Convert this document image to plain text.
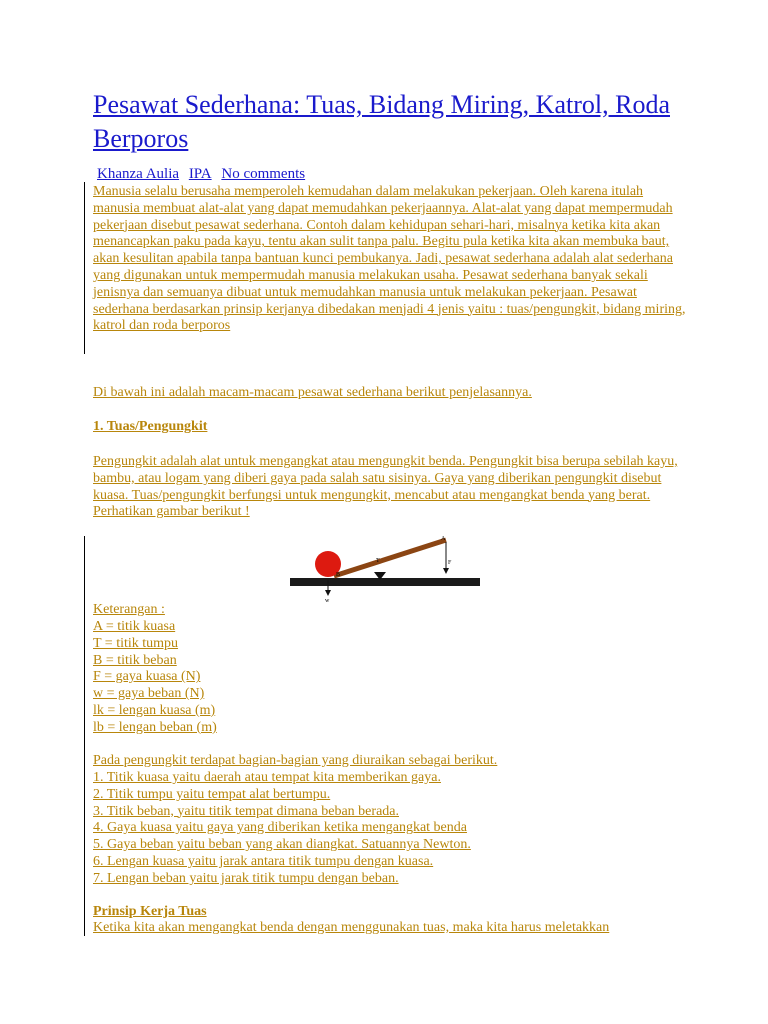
Pesawat Sederhana: Tuas, Bidang Miring, Katrol, Roda Berporos
Khanza Aulia IPA No comments

Manusia selalu berusaha memperoleh kemudahan dalam melakukan pekerjaan. Oleh karena itulah manusia membuat alat-alat yang dapat memudahkan pekerjaannya. Alat-alat yang dapat mempermudah pekerjaan disebut pesawat sederhana. Contoh dalam kehidupan sehari-hari, misalnya ketika kita akan menancapkan paku pada kayu, tentu akan sulit tanpa palu. Begitu pula ketika kita akan membuka baut, akan kesulitan apabila tanpa bantuan kunci pembukanya. Jadi, pesawat sederhana adalah alat sederhana yang digunakan untuk mempermudah manusia melakukan usaha. Pesawat sederhana banyak sekali jenisnya dan semuanya dibuat untuk memudahkan manusia untuk melakukan pekerjaan. Pesawat sederhana berdasarkan prinsip kerjanya dibedakan menjadi 4 jenis yaitu : tuas/pengungkit, bidang miring, katrol dan roda berporos

Di bawah ini adalah macam-macam pesawat sederhana berikut penjelasannya.

1. Tuas/Pengungkit

Pengungkit adalah alat untuk mengangkat atau mengungkit benda. Pengungkit bisa berupa sebilah kayu, bambu, atau logam yang diberi gaya pada salah satu sisinya. Gaya yang diberikan pengungkit disebut kuasa. Tuas/pengungkit berfungsi untuk mengungkit, mencabut atau mengangkat benda yang berat. Perhatikan gambar berikut !

A
T	F
B
w

Keterangan :

A = titik kuasa
T = titik tumpu
B = titik beban
F = gaya kuasa (N)
w = gaya beban (N)
lk = lengan kuasa (m)
lb = lengan beban (m)

Pada pengungkit terdapat bagian-bagian yang diuraikan sebagai berikut.

1. Titik kuasa yaitu daerah atau tempat kita memberikan gaya.
2. Titik tumpu yaitu tempat alat bertumpu.
3. Titik beban, yaitu titik tempat dimana beban berada.
4. Gaya kuasa yaitu gaya yang diberikan ketika mengangkat benda
5. Gaya beban yaitu beban yang akan diangkat. Satuannya Newton.
6. Lengan kuasa yaitu jarak antara titik tumpu dengan kuasa.
7. Lengan beban yaitu jarak titik tumpu dengan beban.

Prinsip Kerja Tuas

Ketika kita akan mengangkat benda dengan menggunakan tuas, maka kita harus meletakkan
